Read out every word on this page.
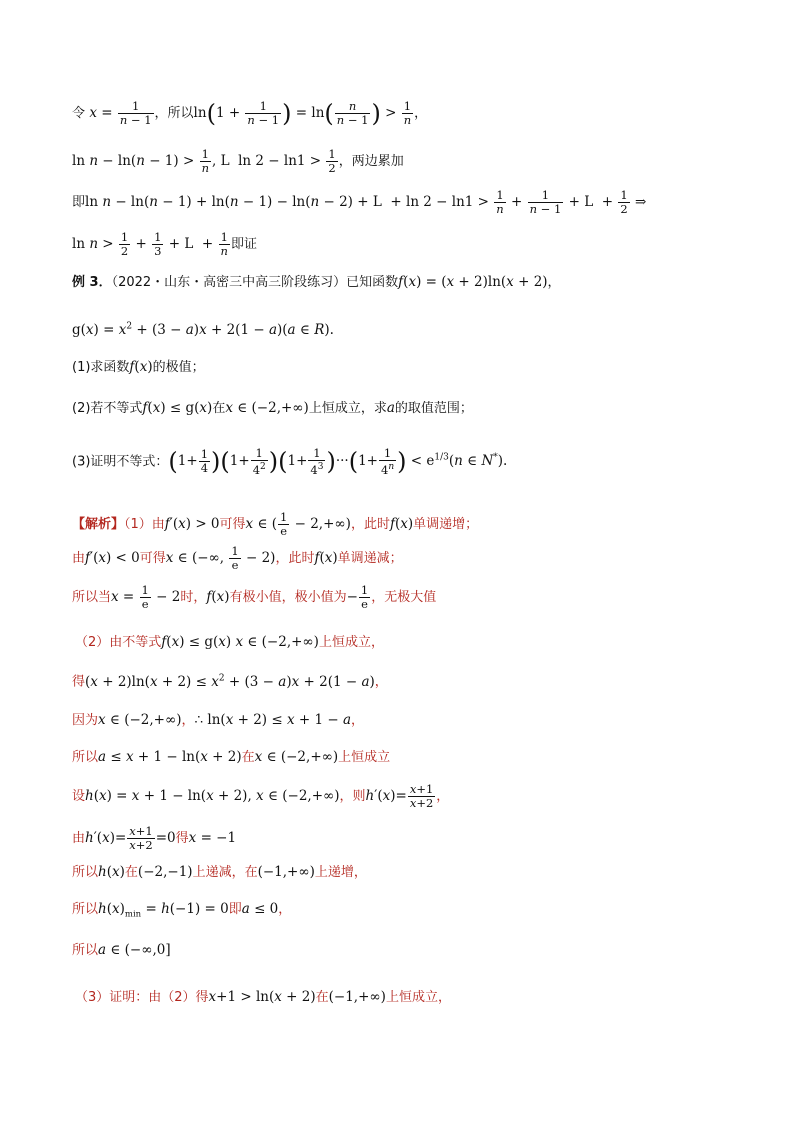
令 $x = \frac{1}{n - 1}$ ，所以$\ln(1 + \frac{1}{n - 1}$ ) = $\ln( \frac{n}{n - 1}$ ) > $\frac{1}{n}$ ，
$\ln n - \ln(n - 1) > \frac{1}{n}$ , L  $\ln 2 - \ln 1 > \frac{1}{2}$ ，两边累加
即$\ln n - \ln(n - 1) + \ln(n - 1) - \ln(n - 2) + L + \ln 2 - \ln 1 > \frac{1}{n} + \frac{1}{n - 1} + L + \frac{1}{2}$ ⇒
$\ln n > \frac{1}{2} + \frac{1}{3} + L + \frac{1}{n}$ 即证
例 3．（2022・山东・高密三中高三阶段练习）已知函数f(x) = (x + 2)ln(x + 2)，
$g(x) = x^2 + (3 - a)x + 2(1 - a)(a$ ∈ R).
(1)求函数f(x)的极值；
(2)若不等式f(x) ≤ g(x)在x ∈ (−2,+∞)上恒成立，求a的取值范围；
(3)证明不等式：$(1+ \frac{1}{4} )(1+ \frac{1}{4^2} )(1+ \frac{1}{4^3} )\cdot\cdot\cdot(1+ \frac{1}{4^n}$ ) < $e^{1/3}(n$ ∈ N*).
【解析】（1）由f′(x) > 0可得x ∈ ( $\frac{1}{e} - 2,+\infty$)，此时f(x)单调递增；
由f′(x) < 0可得x ∈ (−∞, $\frac{1}{e} - 2$)，此时f(x)单调递减；
所以当$x = \frac{1}{e} - 2$时，f(x)有极小值，极小值为− $\frac{1}{e}$ ，无极大值
（2）由不等式f(x) ≤ g(x) x ∈ (−2,+∞)上恒成立，
得$(x + 2)\ln(x + 2) \le x^2 + (3 - a)x + 2(1 - a)$，
因为x ∈ (−2,+∞)，∴ ln(x + 2) ≤ x + 1 − a，
所以a ≤ x + 1 − ln(x + 2)在x ∈ (−2,+∞)上恒成立
设h(x) = x + 1 − ln(x + 2), x ∈ (−2,+∞)，则$h'(x)= \frac{x+1}{x+2}$ ，
由$h'(x)= \frac{x+1}{x+2} =0$得x = −1
所以h(x)在(−2,−1)上递减，在(−1,+∞)上递增，
所以$h(x)_{min} = h(-1) = 0$即a ≤ 0，
所以a ∈ (−∞,0]
（3）证明：由（2）得x+1 > ln(x + 2)在(−1,+∞)上恒成立，
